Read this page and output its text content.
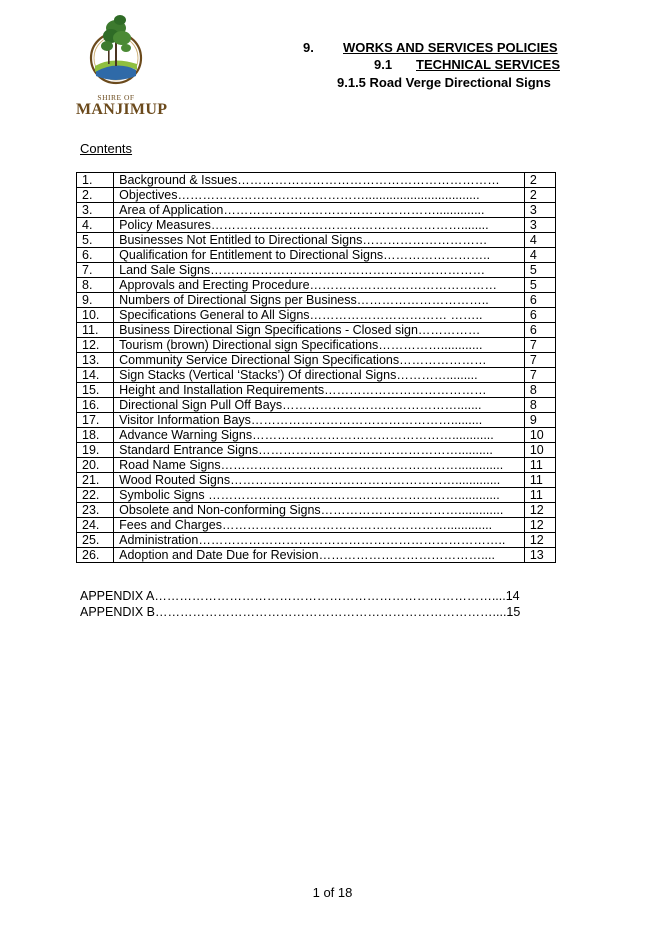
SHIRE OF
MANJIMUP
9. WORKS AND SERVICES POLICIES
9.1 TECHNICAL SERVICES
9.1.5 Road Verge Directional Signs
Contents
1.	Background & Issues………………………………………………………	2
2.	Objectives……………………………………….................................	2
3.	Area of Application……………………………………………..............	3
4.	Policy Measures……………………………………………………........	3
5.	Businesses Not Entitled to Directional Signs…………………………	4
6.	Qualification for Entitlement to Directional Signs……………………..	4
7.	Land Sale Signs…………………………………………………………	5
8.	Approvals and Erecting Procedure………………………………………	5
9.	Numbers of Directional Signs per Business…………………………..	6
10.	Specifications General to All Signs…………………………… ……..	6
11.	Business Directional Sign Specifications - Closed sign……………	6
12.	Tourism (brown) Directional sign Specifications……………............	7
13.	Community Service Directional Sign Specifications…………………	7
14.	Sign Stacks (Vertical ‘Stacks’) Of directional Signs………….........	7
15.	Height and Installation Requirements…………………………………	8
16.	Directional Sign Pull Off Bays…………………………………….......	8
17.	Visitor Information Bays………………………………………….........	9
18.	Advance Warning Signs…………………………………………............	10
19.	Standard Entrance Signs…………………………………………..........	10
20.	Road Name Signs………………………………………………….............	11
21.	Wood Routed Signs……………………………………………….............	11
22.	Symbolic Signs ……………………………………………………............	11
23.	Obsolete and Non-conforming Signs…………………………….............	12
24.	Fees and Charges……………………………………………….............	12
25.	Administration………………………………………………………………..	12
26.	Adoption and Date Due for Revision…………………………………....	13
APPENDIX A………………………………………………………………………....14
APPENDIX B………………………………………………………………………....15
1 of 18
